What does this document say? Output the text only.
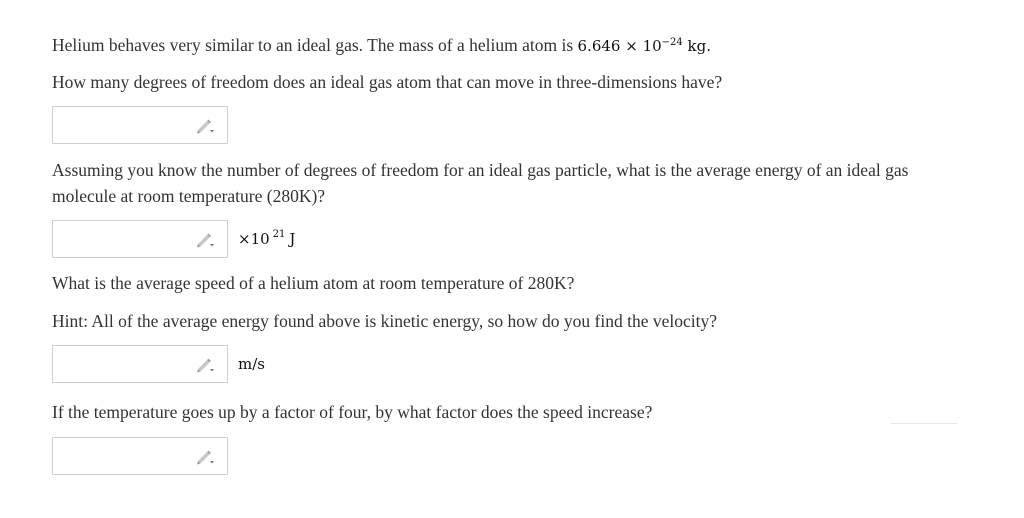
Helium behaves very similar to an ideal gas. The mass of a helium atom is $6.646 \times 10^{-24}$ kg.
How many degrees of freedom does an ideal gas atom that can move in three-dimensions have?
Assuming you know the number of degrees of freedom for an ideal gas particle, what is the average energy of an ideal gas molecule at room temperature (280K)?
×10 $^{21}$ J
What is the average speed of a helium atom at room temperature of 280K?
Hint: All of the average energy found above is kinetic energy, so how do you find the velocity?
m/s
If the temperature goes up by a factor of four, by what factor does the speed increase?
